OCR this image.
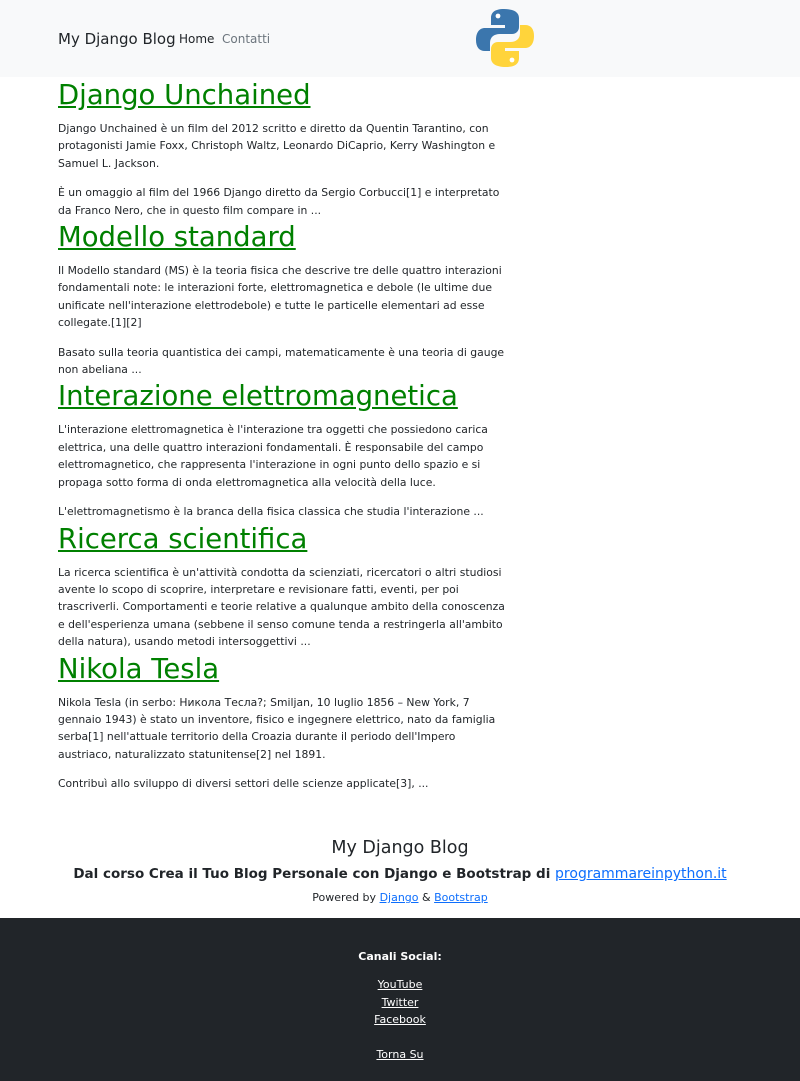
My Django Blog Home Contatti
Django Unchained

Django Unchained è un film del 2012 scritto e diretto da Quentin Tarantino, con protagonisti Jamie Foxx, Christoph Waltz, Leonardo DiCaprio, Kerry Washington e Samuel L. Jackson.

È un omaggio al film del 1966 Django diretto da Sergio Corbucci[1] e interpretato da Franco Nero, che in questo film compare in ...

Modello standard

Il Modello standard (MS) è la teoria fisica che descrive tre delle quattro interazioni fondamentali note: le interazioni forte, elettromagnetica e debole (le ultime due unificate nell'interazione elettrodebole) e tutte le particelle elementari ad esse collegate.[1][2]

Basato sulla teoria quantistica dei campi, matematicamente è una teoria di gauge non abeliana ...

Interazione elettromagnetica

L'interazione elettromagnetica è l'interazione tra oggetti che possiedono carica elettrica, una delle quattro interazioni fondamentali. È responsabile del campo elettromagnetico, che rappresenta l'interazione in ogni punto dello spazio e si propaga sotto forma di onda elettromagnetica alla velocità della luce.

L'elettromagnetismo è la branca della fisica classica che studia l'interazione ...

Ricerca scientifica

La ricerca scientifica è un'attività condotta da scienziati, ricercatori o altri studiosi avente lo scopo di scoprire, interpretare e revisionare fatti, eventi, per poi trascriverli. Comportamenti e teorie relative a qualunque ambito della conoscenza e dell'esperienza umana (sebbene il senso comune tenda a restringerla all'ambito della natura), usando metodi intersoggettivi ...

Nikola Tesla

Nikola Tesla (in serbo: Никола Тесла?; Smiljan, 10 luglio 1856 – New York, 7 gennaio 1943) è stato un inventore, fisico e ingegnere elettrico, nato da famiglia serba[1] nell'attuale territorio della Croazia durante il periodo dell'Impero austriaco, naturalizzato statunitense[2] nel 1891.

Contribuì allo sviluppo di diversi settori delle scienze applicate[3], ...

My Django Blog
Dal corso Crea il Tuo Blog Personale con Django e Bootstrap di programmareinpython.it
Powered by Django & Bootstrap
Canali Social:
YouTube
Twitter
Facebook
Torna Su
